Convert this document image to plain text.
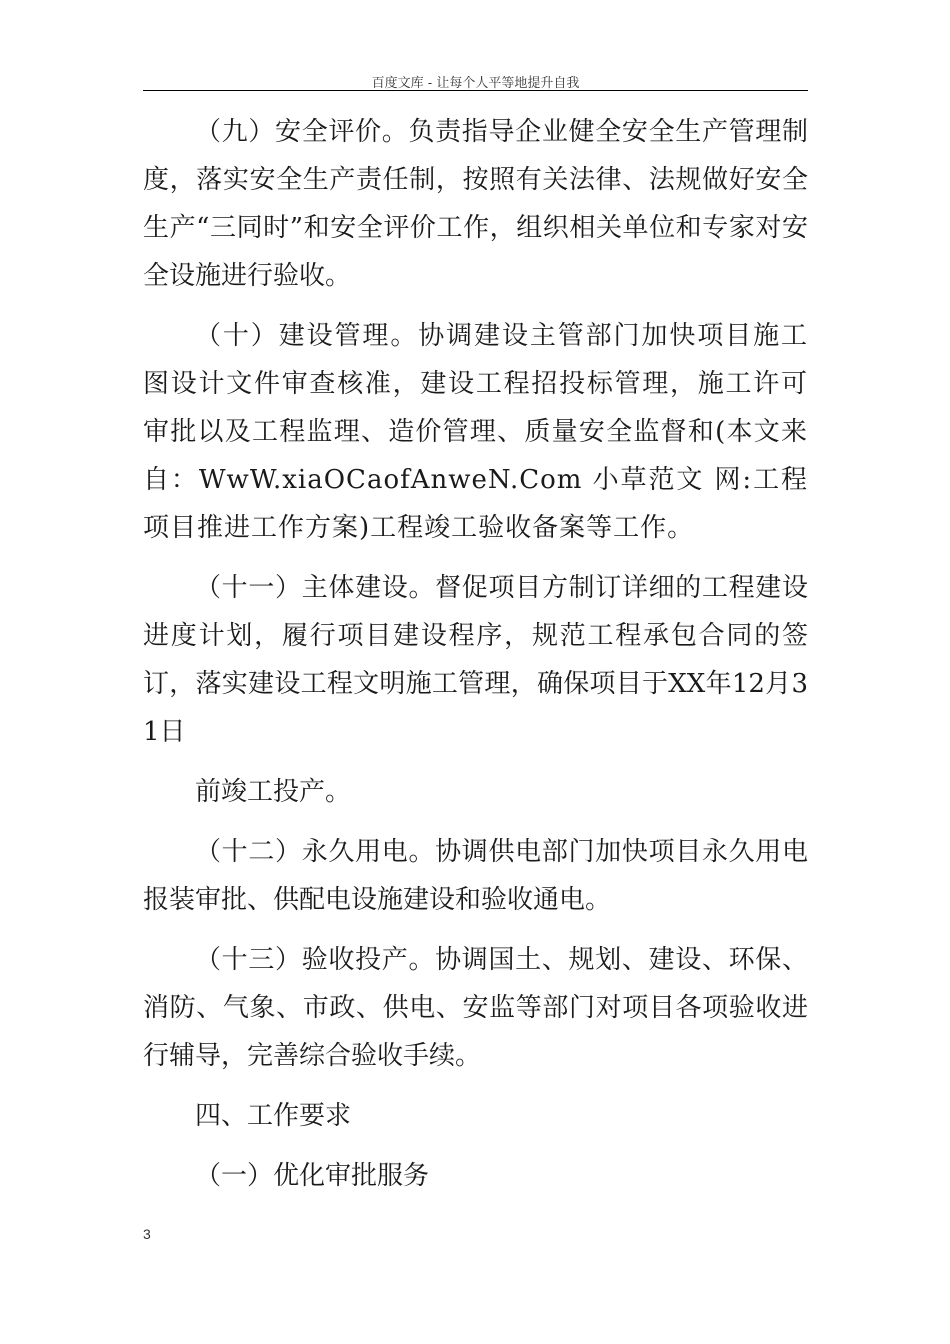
百度文库 - 让每个人平等地提升自我

（九）安全评价。负责指导企业健全安全生产管理制度，落实安全生产责任制，按照有关法律、法规做好安全生产“三同时”和安全评价工作，组织相关单位和专家对安全设施进行验收。

（十）建设管理。协调建设主管部门加快项目施工图设计文件审查核准，建设工程招投标管理，施工许可审批以及工程监理、造价管理、质量安全监督和(本文来自：WwW.xiaOCaofAnweN.Com 小草范文 网:工程项目推进工作方案)工程竣工验收备案等工作。

（十一）主体建设。督促项目方制订详细的工程建设进度计划，履行项目建设程序，规范工程承包合同的签订，落实建设工程文明施工管理，确保项目于XX年12月31日

前竣工投产。

（十二）永久用电。协调供电部门加快项目永久用电报装审批、供配电设施建设和验收通电。

（十三）验收投产。协调国土、规划、建设、环保、消防、气象、市政、供电、安监等部门对项目各项验收进行辅导，完善综合验收手续。

四、工作要求

（一）优化审批服务

3
